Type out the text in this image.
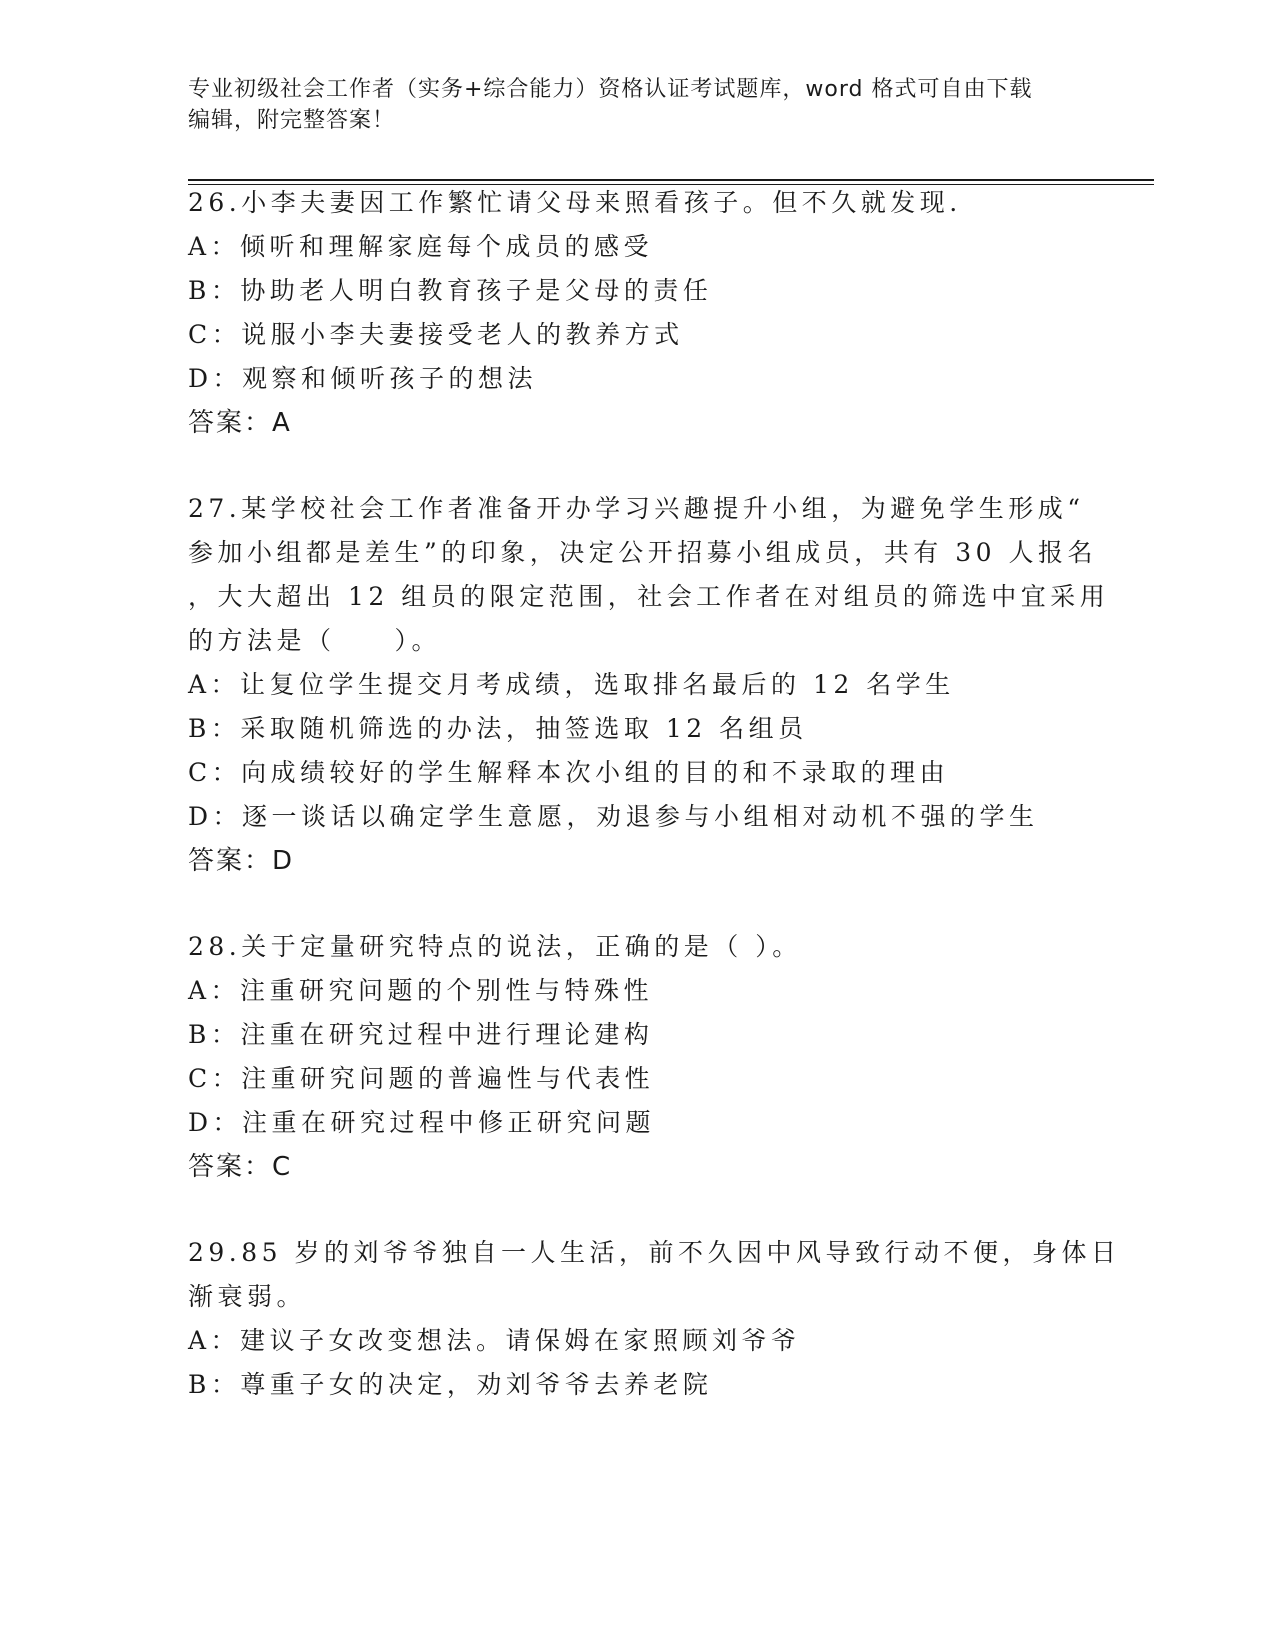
专业初级社会工作者（实务+综合能力）资格认证考试题库，word 格式可自由下载
编辑，附完整答案！
26.小李夫妻因工作繁忙请父母来照看孩子。但不久就发现.
A：倾听和理解家庭每个成员的感受
B：协助老人明白教育孩子是父母的责任
C：说服小李夫妻接受老人的教养方式
D：观察和倾听孩子的想法
答案：A
27.某学校社会工作者准备开办学习兴趣提升小组，为避免学生形成“
参加小组都是差生”的印象，决定公开招募小组成员，共有 30 人报名
，大大超出 12 组员的限定范围，社会工作者在对组员的筛选中宜采用
的方法是（　　）。
A：让复位学生提交月考成绩，选取排名最后的 12 名学生
B：采取随机筛选的办法，抽签选取 12 名组员
C：向成绩较好的学生解释本次小组的目的和不录取的理由
D：逐一谈话以确定学生意愿，劝退参与小组相对动机不强的学生
答案：D
28.关于定量研究特点的说法，正确的是（ ）。
A：注重研究问题的个别性与特殊性
B：注重在研究过程中进行理论建构
C：注重研究问题的普遍性与代表性
D：注重在研究过程中修正研究问题
答案：C
29.85 岁的刘爷爷独自一人生活，前不久因中风导致行动不便，身体日
渐衰弱。
A：建议子女改变想法。请保姆在家照顾刘爷爷
B：尊重子女的决定，劝刘爷爷去养老院
